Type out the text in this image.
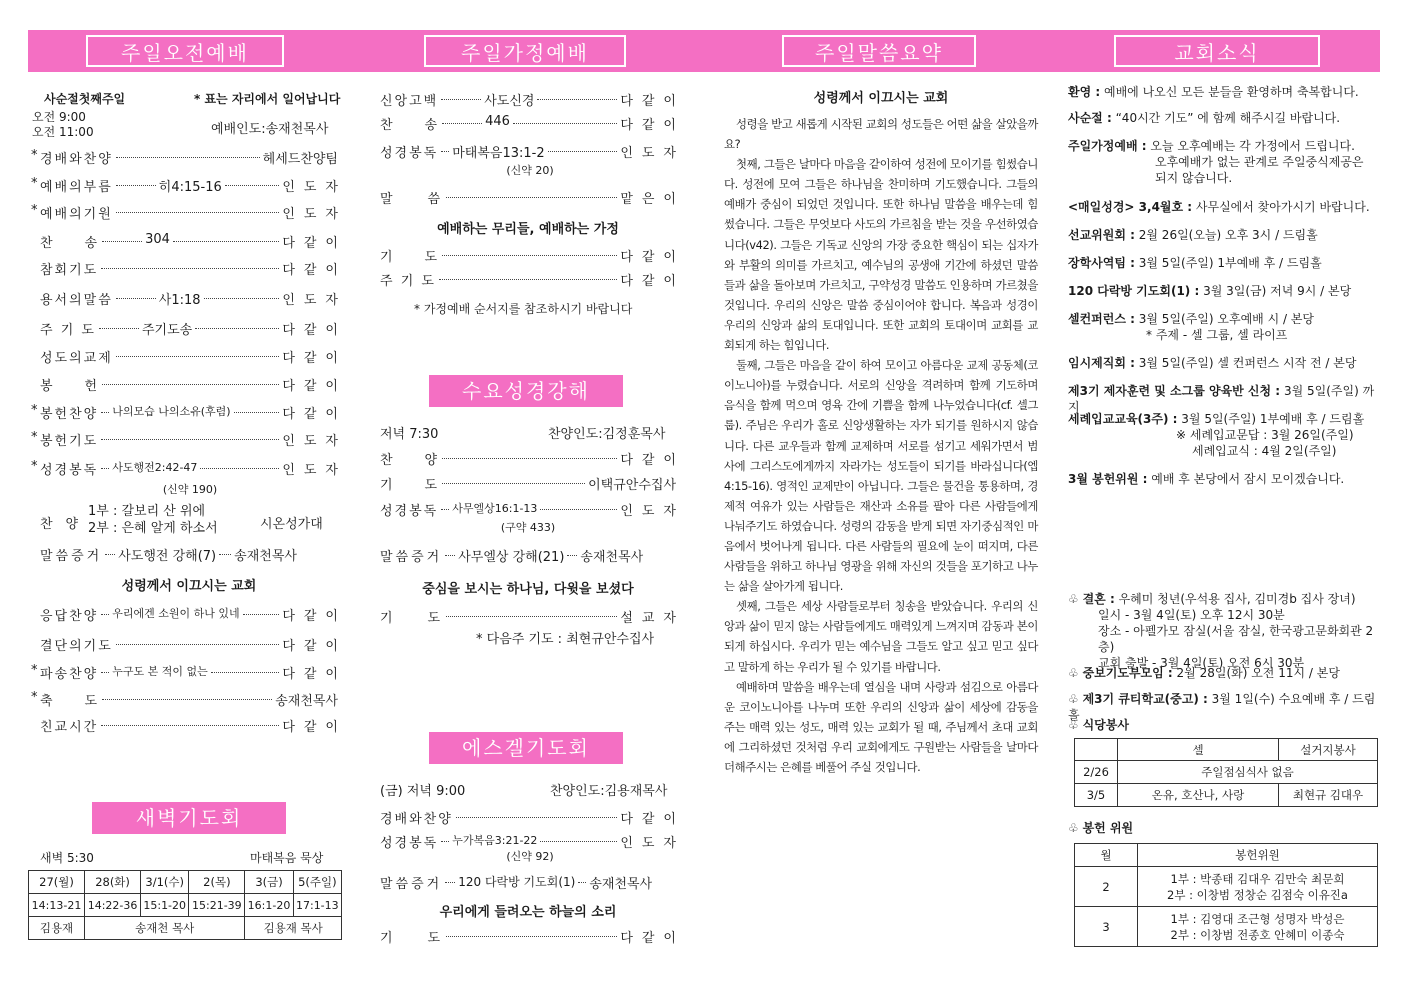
주일오전예배	주일가정예배	주일말씀요약	교회소식
사순절첫째주일	* 표는 자리에서 일어납니다
오전 9:00
오전 11:00	예배인도:송재천목사
* 경배와찬양	헤세드찬양팀
* 예배의부름	히4:15-16	인도자
* 예배의기원	인도자
찬　　송	304	다같이
참회기도	다같이
용서의말씀	사1:18	인도자
주 기 도	주기도송	다같이
성도의교제	다같이
봉　　헌	다같이
* 봉헌찬양 나의모습 나의소유(후렴)	다같이
* 봉헌기도	인도자
* 성경봉독 사도행전2:42-47	인도자
(신약 190)
찬　양
1부 : 갈보리 산 위에
2부 : 은혜 알게 하소서	시온성가대
말씀증거 사도행전 강해(7) 송재천목사
성령께서 이끄시는 교회
응답찬양 우리에겐 소원이 하나 있네	다같이
결단의기도	다같이
* 파송찬양 누구도 본 적이 없는	다같이
* 축　　도	송재천목사
친교시간	다같이
새벽기도회
새벽 5:30	마태복음 묵상
27(월)	28(화)	3/1(수)	2(목)	3(금)	5(주일)
14:13-21	14:22-36	15:1-20	15:21-39	16:1-20	17:1-13
김용재	송재천 목사			김용재 목사	
신앙고백	사도신경	다같이
찬　　송	446	다같이
성경봉독 마태복음13:1-2	인도자
(신약 20)
말　　씀	맡은이
예배하는 무리들, 예배하는 가정
기　　도	다같이
주 기 도	다같이
* 가정예배 순서지를 참조하시기 바랍니다
수요성경강해
저녁 7:30	찬양인도:김정훈목사
찬　　양	다같이
기　　도	이택규안수집사
성경봉독 사무엘상16:1-13	인도자
(구약 433)
말씀증거 사무엘상 강해(21) 송재천목사
중심을 보시는 하나님, 다윗을 보셨다
기　　도	설교자
* 다음주 기도 : 최현규안수집사
에스겔기도회
(금) 저녁 9:00	찬양인도:김용재목사
경배와찬양	다같이
성경봉독 누가복음3:21-22	인도자
(신약 92)
말씀증거 120 다락방 기도회(1) 송재천목사
우리에게 들려오는 하늘의 소리
기　　도	다같이
성령께서 이끄시는 교회

성령을 받고 새롭게 시작된 교회의 성도들은 어떤 삶을 살았을까요?

첫째, 그들은 날마다 마음을 같이하여 성전에 모이기를 힘썼습니다. 성전에 모여 그들은 하나님을 찬미하며 기도했습니다. 그들의 예배가 중심이 되었던 것입니다. 또한 하나님 말씀을 배우는데 힘썼습니다. 그들은 무엇보다 사도의 가르침을 받는 것을 우선하였습니다(v42). 그들은 기독교 신앙의 가장 중요한 핵심이 되는 십자가와 부활의 의미를 가르치고, 예수님의 공생애 기간에 하셨던 말씀들과 삶을 돌아보며 가르치고, 구약성경 말씀도 인용하며 가르쳤을 것입니다. 우리의 신앙은 말씀 중심이어야 합니다. 복음과 성경이 우리의 신앙과 삶의 토대입니다. 또한 교회의 토대이며 교회를 교회되게 하는 힘입니다.

둘째, 그들은 마음을 같이 하여 모이고 아름다운 교제 공동체(코이노니아)를 누렸습니다. 서로의 신앙을 격려하며 함께 기도하며 음식을 함께 먹으며 영육 간에 기쁨을 함께 나누었습니다(cf. 셀그룹). 주님은 우리가 홀로 신앙생활하는 자가 되기를 원하시지 않습니다. 다른 교우들과 함께 교제하며 서로를 섬기고 세워가면서 범사에 그리스도에게까지 자라가는 성도들이 되기를 바라십니다(엡4:15-16). 영적인 교제만이 아닙니다. 그들은 물건을 통용하며, 경제적 여유가 있는 사람들은 재산과 소유를 팔아 다른 사람들에게 나눠주기도 하였습니다. 성령의 감동을 받게 되면 자기중심적인 마음에서 벗어나게 됩니다. 다른 사람들의 필요에 눈이 떠지며, 다른 사람들을 위하고 하나님 영광을 위해 자신의 것들을 포기하고 나누는 삶을 살아가게 됩니다.

셋째, 그들은 세상 사람들로부터 칭송을 받았습니다. 우리의 신앙과 삶이 믿지 않는 사람들에게도 매력있게 느껴지며 감동과 본이 되게 하십시다. 우리가 믿는 예수님을 그들도 알고 싶고 믿고 싶다고 말하게 하는 우리가 될 수 있기를 바랍니다.

예배하며 말씀을 배우는데 열심을 내며 사랑과 섬김으로 아름다운 코이노니아를 나누며 또한 우리의 신앙과 삶이 세상에 감동을 주는 매력 있는 성도, 매력 있는 교회가 될 때, 주님께서 초대 교회에 그리하셨던 것처럼 우리 교회에게도 구원받는 사람들을 날마다 더해주시는 은혜를 베풀어 주실 것입니다.

환영 : 예배에 나오신 모든 분들을 환영하며 축복합니다.
사순절 : “40시간 기도” 에 함께 해주시길 바랍니다.
주일가정예배 : 오늘 오후예배는 각 가정에서 드립니다.
오후예배가 없는 관계로 주일중식제공은
되지 않습니다.
<매일성경> 3,4월호 : 사무실에서 찾아가시기 바랍니다.
선교위원회 : 2월 26일(오늘) 오후 3시 / 드림홀
장학사역팀 : 3월 5일(주일) 1부예배 후 / 드림홀
120 다락방 기도회(1) : 3월 3일(금) 저녁 9시 / 본당
셀컨퍼런스 : 3월 5일(주일) 오후예배 시 / 본당
* 주제 - 셀 그룹, 셀 라이프
임시제직회 : 3월 5일(주일) 셀 컨퍼런스 시작 전 / 본당
제3기 제자훈련 및 소그룹 양육반 신청 : 3월 5일(주일) 까지
세례입교교육(3주) : 3월 5일(주일) 1부예배 후 / 드림홀
※ 세례입교문답 : 3월 26일(주일)
세례입교식 : 4월 2일(주일)
3월 봉헌위원 : 예배 후 본당에서 잠시 모이겠습니다.
♧ 결혼 : 우혜미 청년(우석용 집사, 김미경b 집사 장녀)
일시 - 3월 4일(토) 오후 12시 30분
장소 - 아펠가모 잠실(서울 잠실, 한국광고문화회관 2층)
교회 출발 - 3월 4일(토) 오전 6시 30분
♧ 중보기도부모임 : 2월 28일(화) 오전 11시 / 본당
♧ 제3기 큐티학교(중고) : 3월 1일(수) 수요예배 후 / 드림홀
♧ 식당봉사
	셀	설거지봉사
2/26	주일점심식사 없음	
3/5	온유, 호산나, 사랑	최현규 김대우
♧ 봉헌 위원
월	봉헌위원
2	1부 : 박종태 김대우 김만숙 최문희
2부 : 이창범 정창순 김점숙 이유진a

3	1부 : 김영대 조근형 성명자 박성은
2부 : 이창범 전종호 안혜미 이종숙
